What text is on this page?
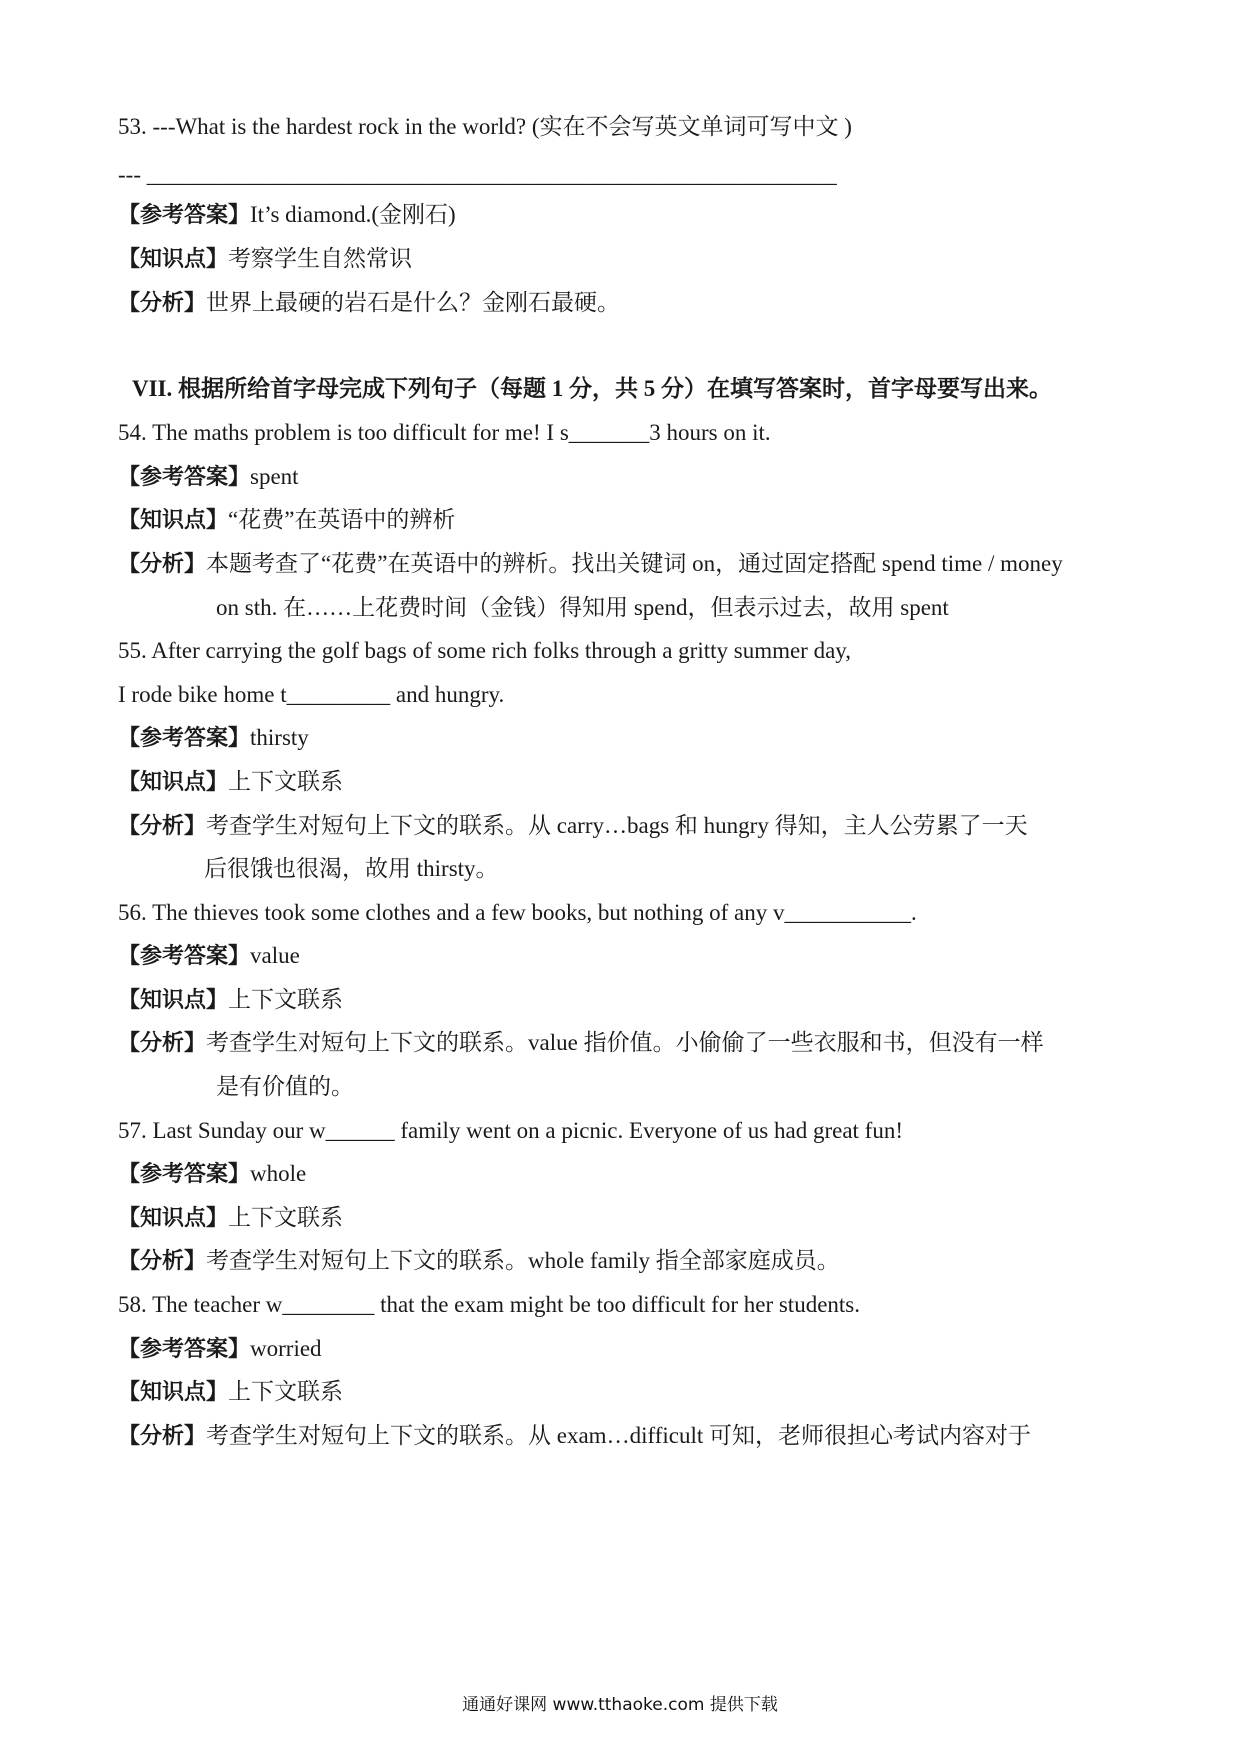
53. ---What is the hardest rock in the world? (实在不会写英文单词可写中文 )
--- ____________________________________________________________
【参考答案】It’s diamond.(金刚石)
【知识点】考察学生自然常识
【分析】世界上最硬的岩石是什么？金刚石最硬。
VII. 根据所给首字母完成下列句子（每题 1 分，共 5 分）在填写答案时，首字母要写出来。
54. The maths problem is too difficult for me! I s_______3 hours on it.
【参考答案】spent
【知识点】“花费”在英语中的辨析
【分析】本题考查了“花费”在英语中的辨析。找出关键词 on，通过固定搭配 spend time / money
on sth. 在……上花费时间（金钱）得知用 spend，但表示过去，故用 spent
55. After carrying the golf bags of some rich folks through a gritty summer day,
I rode bike home t_________ and hungry.
【参考答案】thirsty
【知识点】上下文联系
【分析】考查学生对短句上下文的联系。从 carry…bags 和 hungry 得知，主人公劳累了一天
后很饿也很渴，故用 thirsty。
56. The thieves took some clothes and a few books, but nothing of any v___________.
【参考答案】value
【知识点】上下文联系
【分析】考查学生对短句上下文的联系。value 指价值。小偷偷了一些衣服和书，但没有一样
是有价值的。
57. Last Sunday our w______ family went on a picnic. Everyone of us had great fun!
【参考答案】whole
【知识点】上下文联系
【分析】考查学生对短句上下文的联系。whole family 指全部家庭成员。
58. The teacher w________ that the exam might be too difficult for her students.
【参考答案】worried
【知识点】上下文联系
【分析】考查学生对短句上下文的联系。从 exam…difficult 可知，老师很担心考试内容对于
通通好课网 www.tthaoke.com 提供下载
